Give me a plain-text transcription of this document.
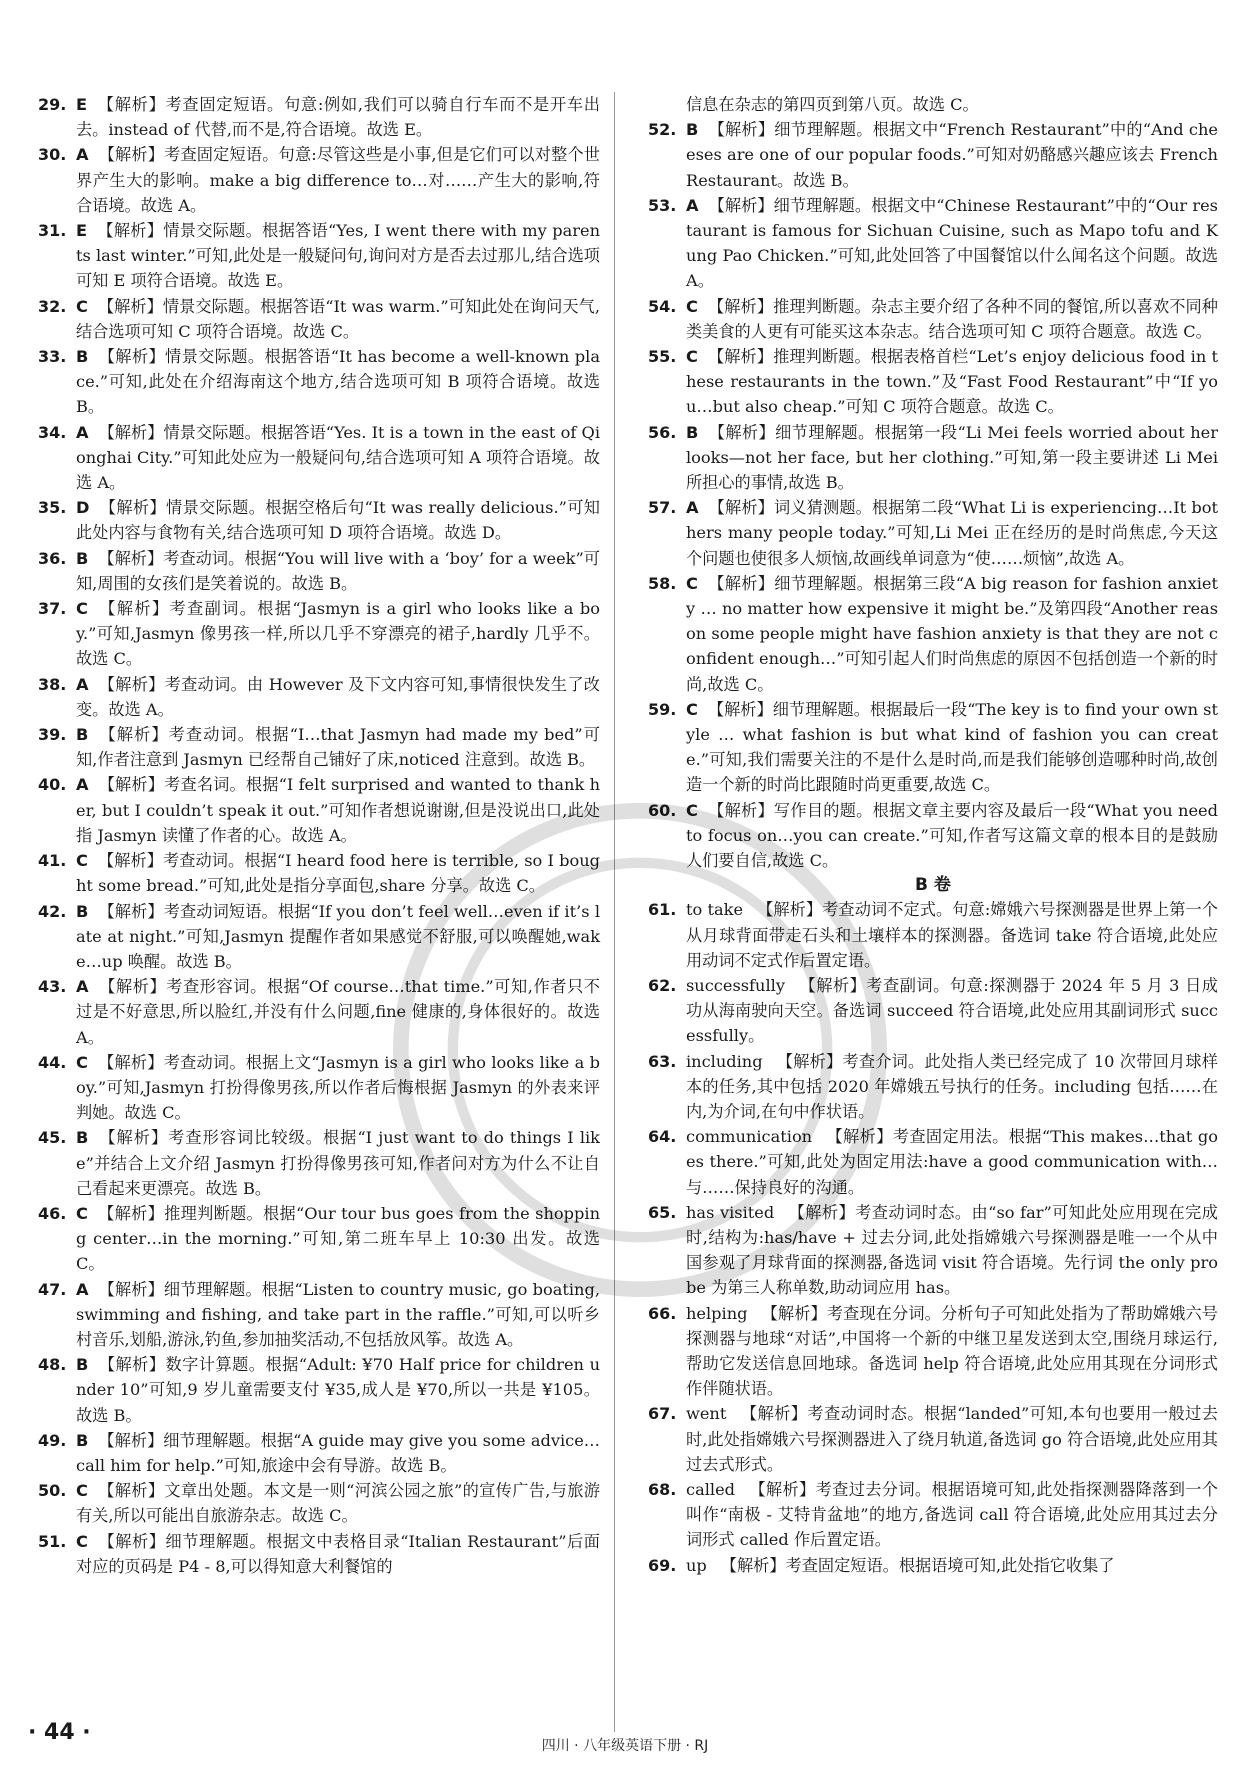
29. E 【解析】考查固定短语。句意:例如,我们可以骑自行车而不是开车出去。instead of 代替,而不是,符合语境。故选 E。

30. A 【解析】考查固定短语。句意:尽管这些是小事,但是它们可以对整个世界产生大的影响。make a big difference to…对……产生大的影响,符合语境。故选 A。

31. E 【解析】情景交际题。根据答语“Yes, I went there with my parents last winter.”可知,此处是一般疑问句,询问对方是否去过那儿,结合选项可知 E 项符合语境。故选 E。

32. C 【解析】情景交际题。根据答语“It was warm.”可知此处在询问天气,结合选项可知 C 项符合语境。故选 C。

33. B 【解析】情景交际题。根据答语“It has become a well-known place.”可知,此处在介绍海南这个地方,结合选项可知 B 项符合语境。故选 B。

34. A 【解析】情景交际题。根据答语“Yes. It is a town in the east of Qionghai City.”可知此处应为一般疑问句,结合选项可知 A 项符合语境。故选 A。

35. D 【解析】情景交际题。根据空格后句“It was really delicious.”可知此处内容与食物有关,结合选项可知 D 项符合语境。故选 D。

36. B 【解析】考查动词。根据“You will live with a ‘boy’ for a week”可知,周围的女孩们是笑着说的。故选 B。

37. C 【解析】考查副词。根据“Jasmyn is a girl who looks like a boy.”可知,Jasmyn 像男孩一样,所以几乎不穿漂亮的裙子,hardly 几乎不。故选 C。

38. A 【解析】考查动词。由 However 及下文内容可知,事情很快发生了改变。故选 A。

39. B 【解析】考查动词。根据“I…that Jasmyn had made my bed”可知,作者注意到 Jasmyn 已经帮自己铺好了床,noticed 注意到。故选 B。

40. A 【解析】考查名词。根据“I felt surprised and wanted to thank her, but I couldn’t speak it out.”可知作者想说谢谢,但是没说出口,此处指 Jasmyn 读懂了作者的心。故选 A。

41. C 【解析】考查动词。根据“I heard food here is terrible, so I bought some bread.”可知,此处是指分享面包,share 分享。故选 C。

42. B 【解析】考查动词短语。根据“If you don’t feel well…even if it’s late at night.”可知,Jasmyn 提醒作者如果感觉不舒服,可以唤醒她,wake…up 唤醒。故选 B。

43. A 【解析】考查形容词。根据“Of course…that time.”可知,作者只不过是不好意思,所以脸红,并没有什么问题,fine 健康的,身体很好的。故选 A。

44. C 【解析】考查动词。根据上文“Jasmyn is a girl who looks like a boy.”可知,Jasmyn 打扮得像男孩,所以作者后悔根据 Jasmyn 的外表来评判她。故选 C。

45. B 【解析】考查形容词比较级。根据“I just want to do things I like”并结合上文介绍 Jasmyn 打扮得像男孩可知,作者问对方为什么不让自己看起来更漂亮。故选 B。

46. C 【解析】推理判断题。根据“Our tour bus goes from the shopping center…in the morning.”可知,第二班车早上 10:30 出发。故选 C。

47. A 【解析】细节理解题。根据“Listen to country music, go boating, swimming and fishing, and take part in the raffle.”可知,可以听乡村音乐,划船,游泳,钓鱼,参加抽奖活动,不包括放风筝。故选 A。

48. B 【解析】数字计算题。根据“Adult: ¥70 Half price for children under 10”可知,9 岁儿童需要支付 ¥35,成人是 ¥70,所以一共是 ¥105。故选 B。

49. B 【解析】细节理解题。根据“A guide may give you some advice…call him for help.”可知,旅途中会有导游。故选 B。

50. C 【解析】文章出处题。本文是一则“河滨公园之旅”的宣传广告,与旅游有关,所以可能出自旅游杂志。故选 C。

51. C 【解析】细节理解题。根据文中表格目录“Italian Restaurant”后面对应的页码是 P4 - 8,可以得知意大利餐馆的

信息在杂志的第四页到第八页。故选 C。

52. B 【解析】细节理解题。根据文中“French Restaurant”中的“And cheeses are one of our popular foods.”可知对奶酪感兴趣应该去 French Restaurant。故选 B。

53. A 【解析】细节理解题。根据文中“Chinese Restaurant”中的“Our restaurant is famous for Sichuan Cuisine, such as Mapo tofu and Kung Pao Chicken.”可知,此处回答了中国餐馆以什么闻名这个问题。故选 A。

54. C 【解析】推理判断题。杂志主要介绍了各种不同的餐馆,所以喜欢不同种类美食的人更有可能买这本杂志。结合选项可知 C 项符合题意。故选 C。

55. C 【解析】推理判断题。根据表格首栏“Let’s enjoy delicious food in these restaurants in the town.”及“Fast Food Restaurant”中“If you…but also cheap.”可知 C 项符合题意。故选 C。

56. B 【解析】细节理解题。根据第一段“Li Mei feels worried about her looks—not her face, but her clothing.”可知,第一段主要讲述 Li Mei 所担心的事情,故选 B。

57. A 【解析】词义猜测题。根据第二段“What Li is experiencing…It bothers many people today.”可知,Li Mei 正在经历的是时尚焦虑,今天这个问题也使很多人烦恼,故画线单词意为“使……烦恼”,故选 A。

58. C 【解析】细节理解题。根据第三段“A big reason for fashion anxiety … no matter how expensive it might be.”及第四段“Another reason some people might have fashion anxiety is that they are not confident enough…”可知引起人们时尚焦虑的原因不包括创造一个新的时尚,故选 C。

59. C 【解析】细节理解题。根据最后一段“The key is to find your own style … what fashion is but what kind of fashion you can create.”可知,我们需要关注的不是什么是时尚,而是我们能够创造哪种时尚,故创造一个新的时尚比跟随时尚更重要,故选 C。

60. C 【解析】写作目的题。根据文章主要内容及最后一段“What you need to focus on…you can create.”可知,作者写这篇文章的根本目的是鼓励人们要自信,故选 C。

B 卷

61. to take 【解析】考查动词不定式。句意:嫦娥六号探测器是世界上第一个从月球背面带走石头和土壤样本的探测器。备选词 take 符合语境,此处应用动词不定式作后置定语。

62. successfully 【解析】考查副词。句意:探测器于 2024 年 5 月 3 日成功从海南驶向天空。备选词 succeed 符合语境,此处应用其副词形式 successfully。

63. including 【解析】考查介词。此处指人类已经完成了 10 次带回月球样本的任务,其中包括 2020 年嫦娥五号执行的任务。including 包括……在内,为介词,在句中作状语。

64. communication 【解析】考查固定用法。根据“This makes…that goes there.”可知,此处为固定用法:have a good communication with…与……保持良好的沟通。

65. has visited 【解析】考查动词时态。由“so far”可知此处应用现在完成时,结构为:has/have + 过去分词,此处指嫦娥六号探测器是唯一一个从中国参观了月球背面的探测器,备选词 visit 符合语境。先行词 the only probe 为第三人称单数,助动词应用 has。

66. helping 【解析】考查现在分词。分析句子可知此处指为了帮助嫦娥六号探测器与地球“对话”,中国将一个新的中继卫星发送到太空,围绕月球运行,帮助它发送信息回地球。备选词 help 符合语境,此处应用其现在分词形式作伴随状语。

67. went 【解析】考查动词时态。根据“landed”可知,本句也要用一般过去时,此处指嫦娥六号探测器进入了绕月轨道,备选词 go 符合语境,此处应用其过去式形式。

68. called 【解析】考查过去分词。根据语境可知,此处指探测器降落到一个叫作“南极 - 艾特肯盆地”的地方,备选词 call 符合语境,此处应用其过去分词形式 called 作后置定语。

69. up 【解析】考查固定短语。根据语境可知,此处指它收集了

· 44 ·
四川 · 八年级英语下册 · RJ
